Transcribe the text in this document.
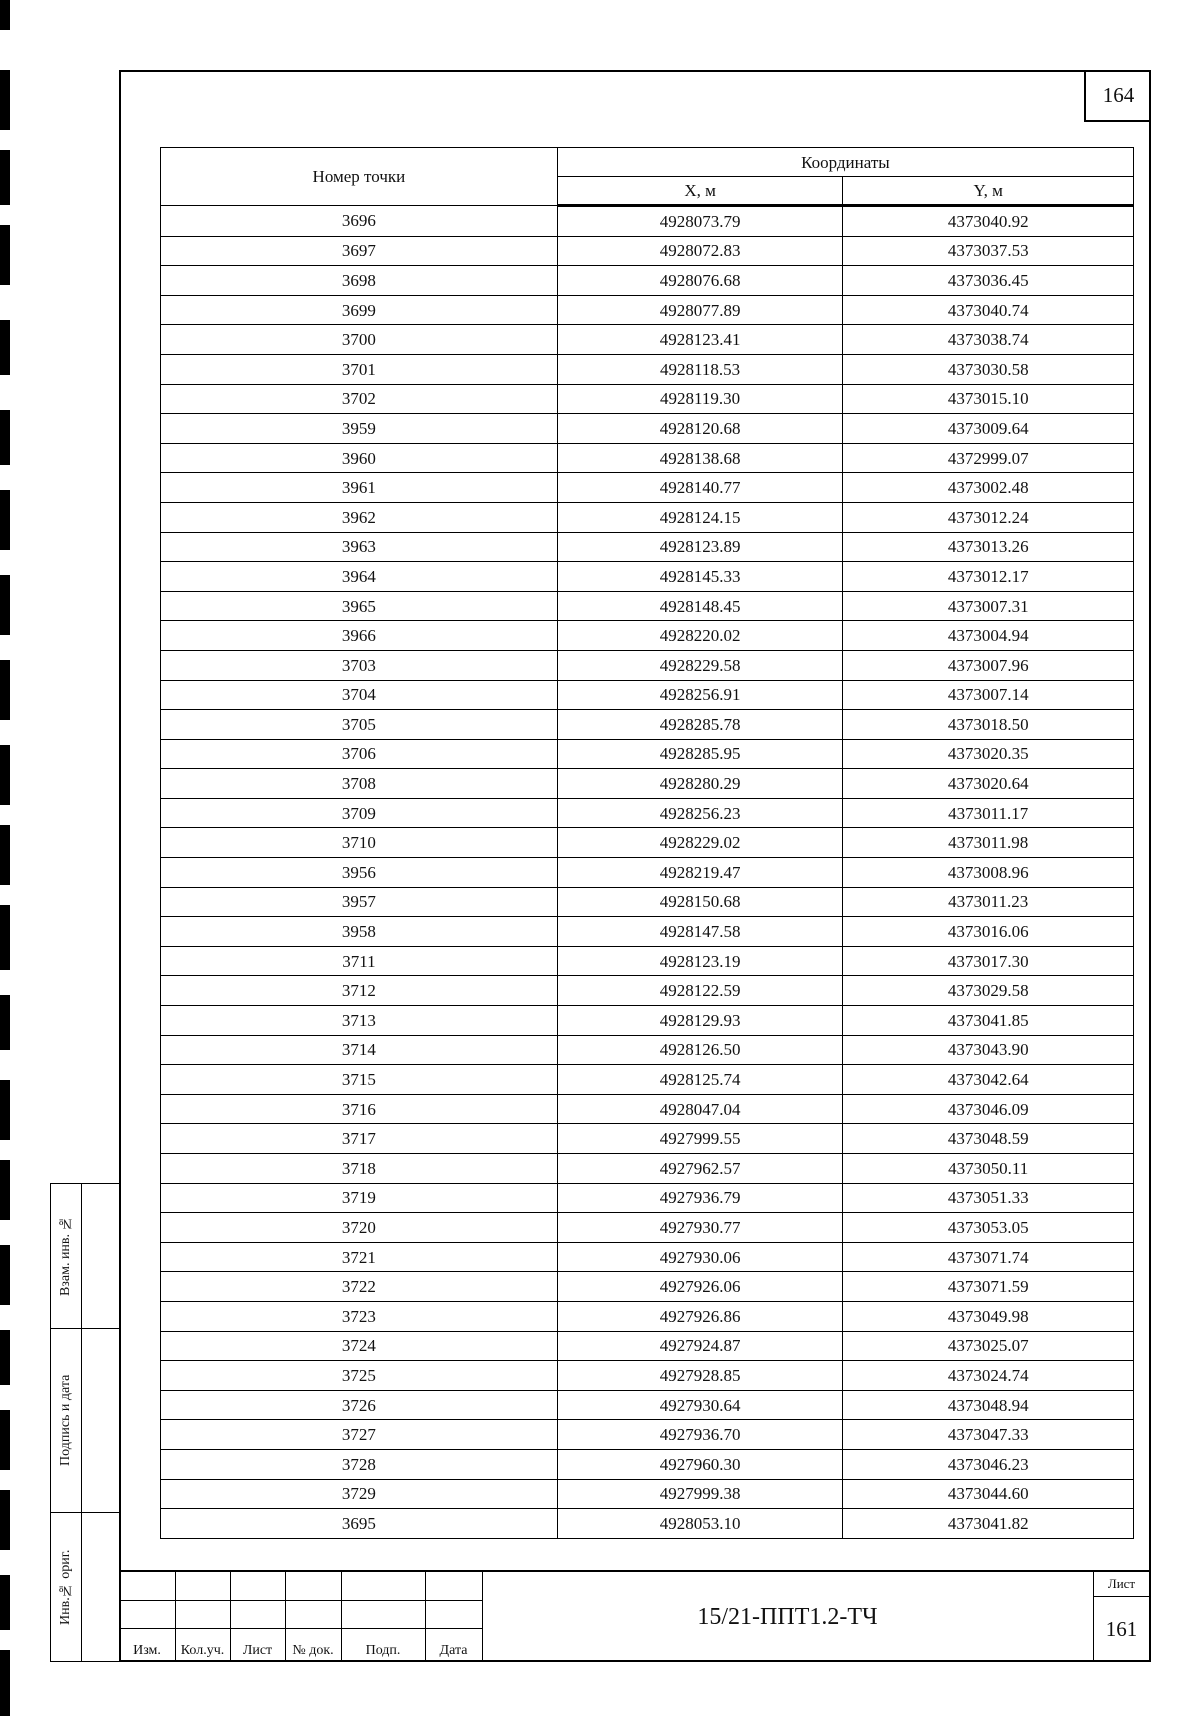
164
Номер точки	Координаты	
	X, м	Y, м
3696	4928073.79	4373040.92
3697	4928072.83	4373037.53
3698	4928076.68	4373036.45
3699	4928077.89	4373040.74
3700	4928123.41	4373038.74
3701	4928118.53	4373030.58
3702	4928119.30	4373015.10
3959	4928120.68	4373009.64
3960	4928138.68	4372999.07
3961	4928140.77	4373002.48
3962	4928124.15	4373012.24
3963	4928123.89	4373013.26
3964	4928145.33	4373012.17
3965	4928148.45	4373007.31
3966	4928220.02	4373004.94
3703	4928229.58	4373007.96
3704	4928256.91	4373007.14
3705	4928285.78	4373018.50
3706	4928285.95	4373020.35
3708	4928280.29	4373020.64
3709	4928256.23	4373011.17
3710	4928229.02	4373011.98
3956	4928219.47	4373008.96
3957	4928150.68	4373011.23
3958	4928147.58	4373016.06
3711	4928123.19	4373017.30
3712	4928122.59	4373029.58
3713	4928129.93	4373041.85
3714	4928126.50	4373043.90
3715	4928125.74	4373042.64
3716	4928047.04	4373046.09
3717	4927999.55	4373048.59
3718	4927962.57	4373050.11
3719	4927936.79	4373051.33
3720	4927930.77	4373053.05
3721	4927930.06	4373071.74
3722	4927926.06	4373071.59
3723	4927926.86	4373049.98
3724	4927924.87	4373025.07
3725	4927928.85	4373024.74
3726	4927930.64	4373048.94
3727	4927936.70	4373047.33
3728	4927960.30	4373046.23
3729	4927999.38	4373044.60
3695	4928053.10	4373041.82
Взам. инв. №
Подпись и дата
Инв.№ ориг.
Изм.	Кол.уч.	Лист	№ док.	Подп.	Дата
15/21-ППТ1.2-ТЧ
Лист
161
